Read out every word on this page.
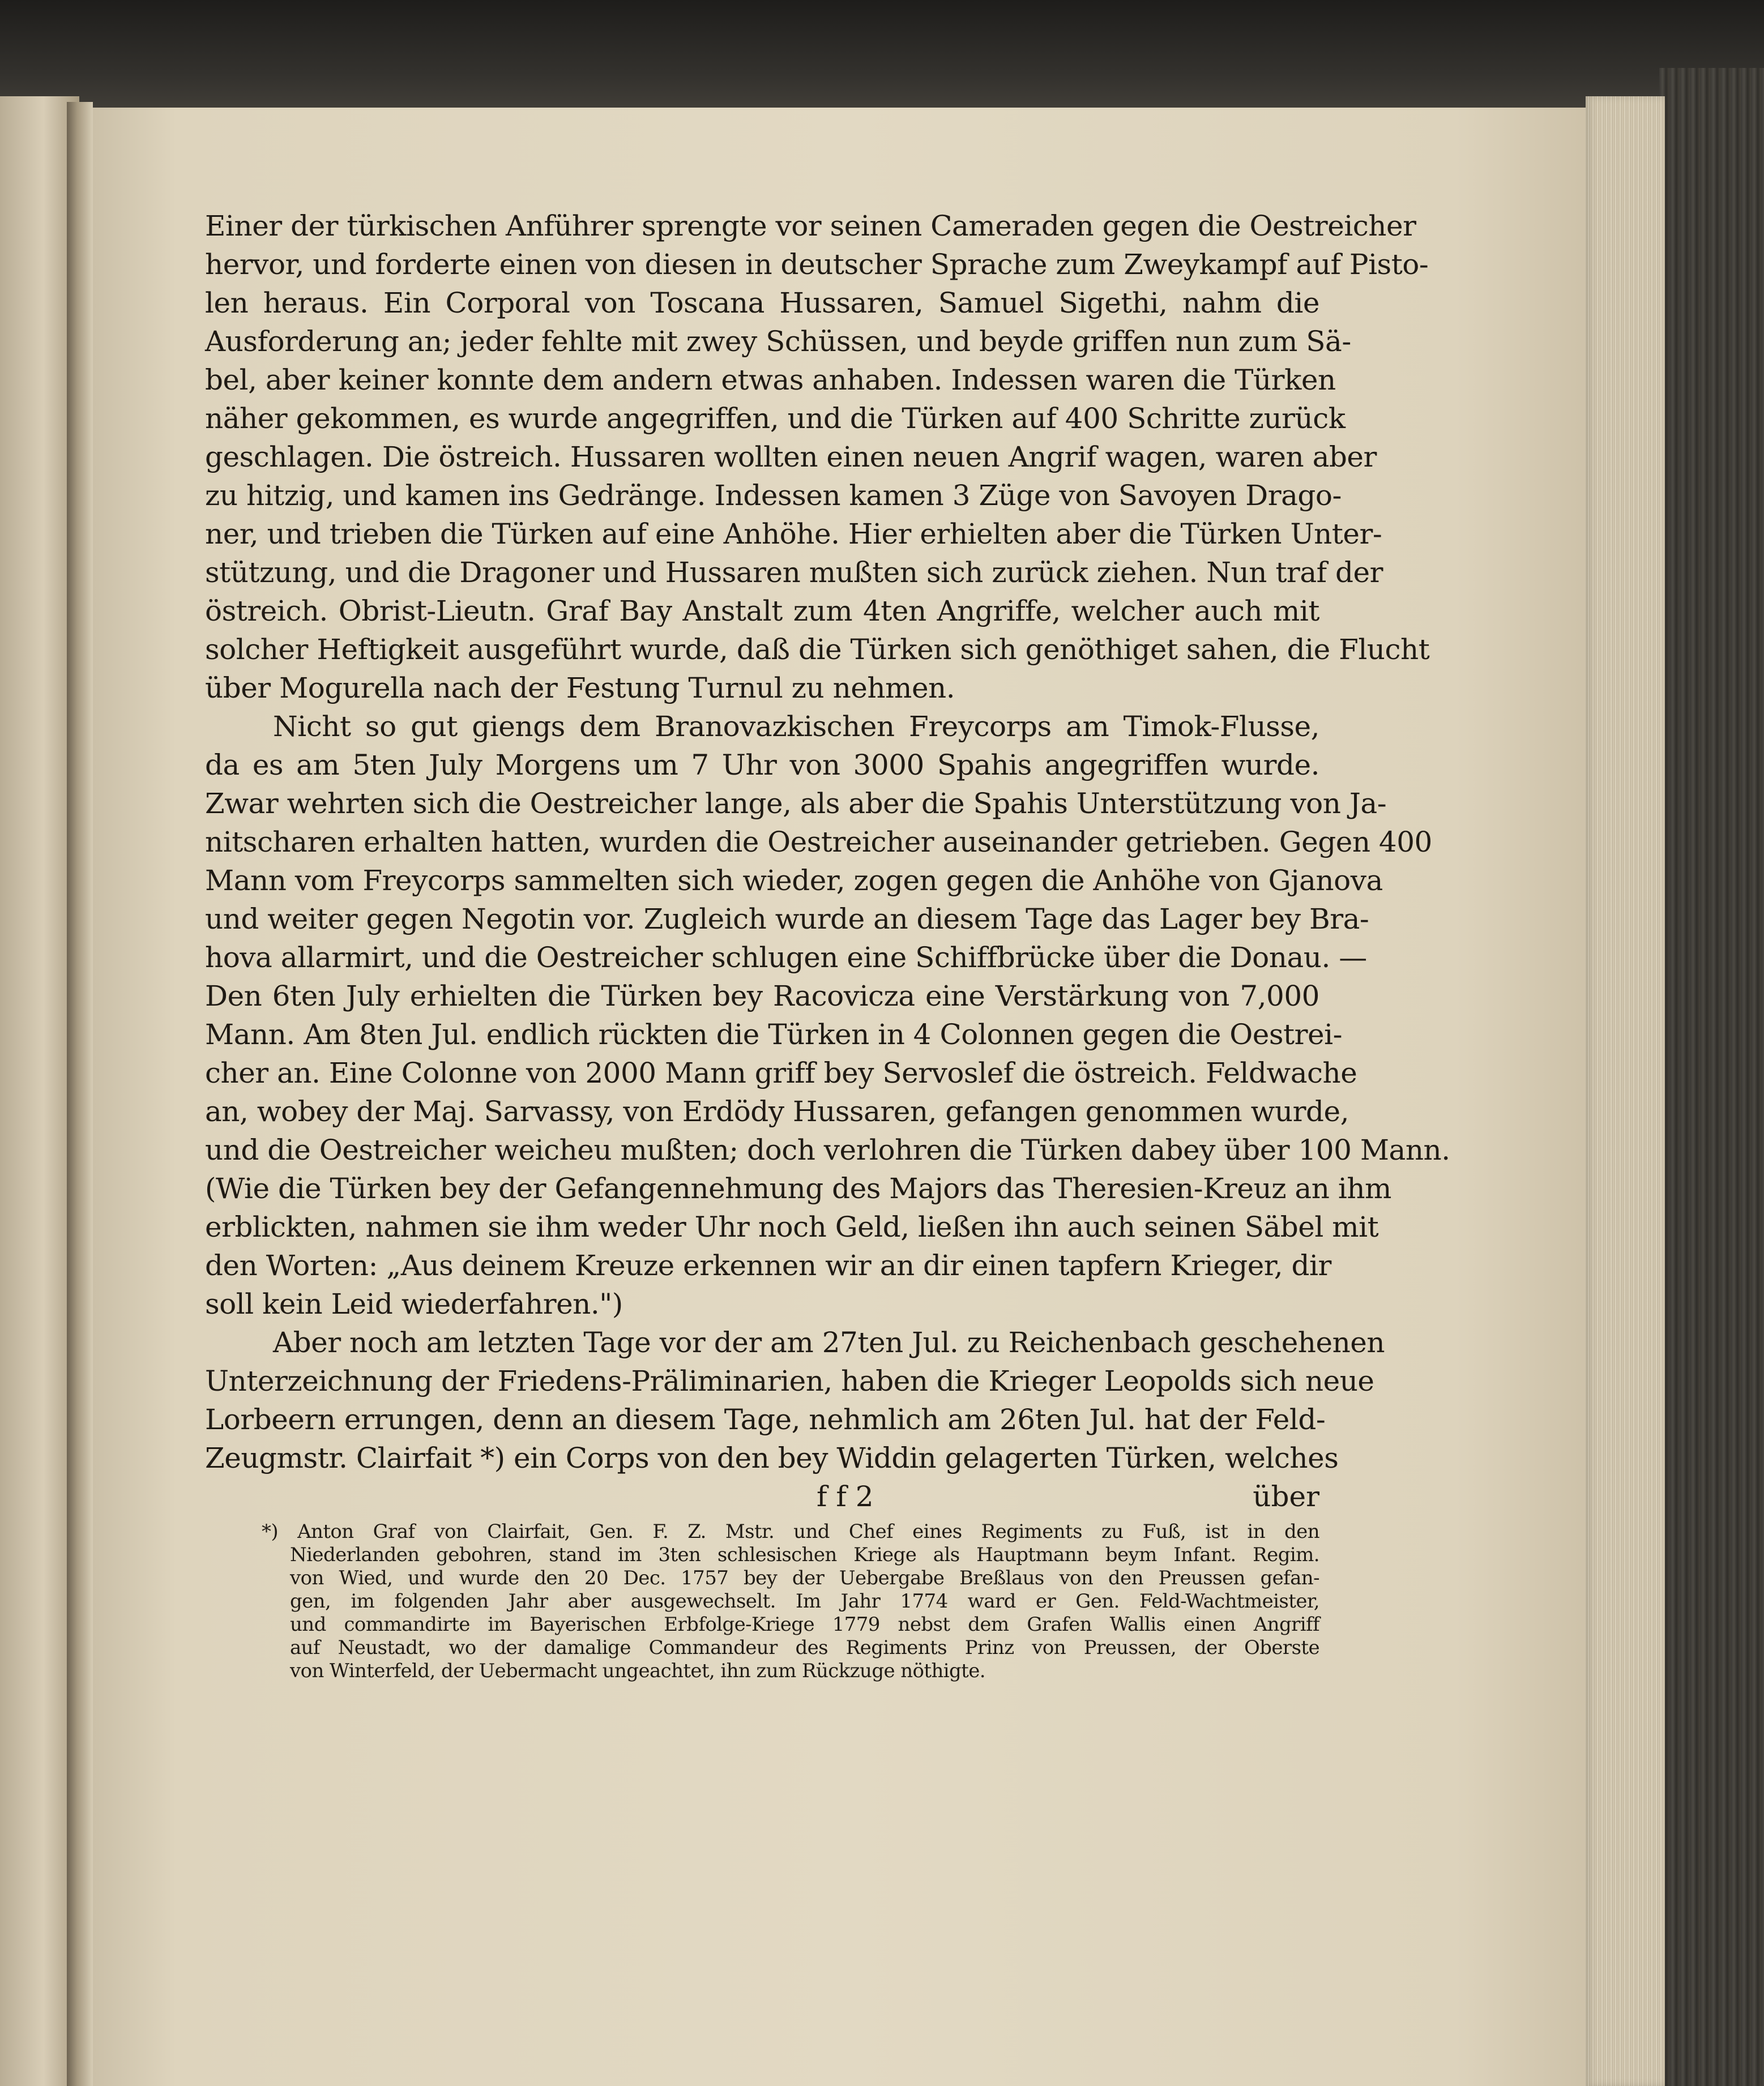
Einer der türkischen Anführer sprengte vor seinen Cameraden gegen die Oestreicher
hervor, und forderte einen von diesen in deutscher Sprache zum Zweykampf auf Pisto-
len heraus. Ein Corporal von Toscana Hussaren, Samuel Sigethi, nahm die
Ausforderung an; jeder fehlte mit zwey Schüssen, und beyde griffen nun zum Sä-
bel, aber keiner konnte dem andern etwas anhaben. Indessen waren die Türken
näher gekommen, es wurde angegriffen, und die Türken auf 400 Schritte zurück
geschlagen. Die östreich. Hussaren wollten einen neuen Angrif wagen, waren aber
zu hitzig, und kamen ins Gedränge. Indessen kamen 3 Züge von Savoyen Drago-
ner, und trieben die Türken auf eine Anhöhe. Hier erhielten aber die Türken Unter-
stützung, und die Dragoner und Hussaren mußten sich zurück ziehen. Nun traf der
östreich. Obrist-Lieutn. Graf Bay Anstalt zum 4ten Angriffe, welcher auch mit
solcher Heftigkeit ausgeführt wurde, daß die Türken sich genöthiget sahen, die Flucht
über Mogurella nach der Festung Turnul zu nehmen.
Nicht so gut giengs dem Branovazkischen Freycorps am Timok-Flusse,
da es am 5ten July Morgens um 7 Uhr von 3000 Spahis angegriffen wurde.
Zwar wehrten sich die Oestreicher lange, als aber die Spahis Unterstützung von Ja-
nitscharen erhalten hatten, wurden die Oestreicher auseinander getrieben. Gegen 400
Mann vom Freycorps sammelten sich wieder, zogen gegen die Anhöhe von Gjanova
und weiter gegen Negotin vor. Zugleich wurde an diesem Tage das Lager bey Bra-
hova allarmirt, und die Oestreicher schlugen eine Schiffbrücke über die Donau. —
Den 6ten July erhielten die Türken bey Racovicza eine Verstärkung von 7,000
Mann. Am 8ten Jul. endlich rückten die Türken in 4 Colonnen gegen die Oestrei-
cher an. Eine Colonne von 2000 Mann griff bey Servoslef die östreich. Feldwache
an, wobey der Maj. Sarvassy, von Erdödy Hussaren, gefangen genommen wurde,
und die Oestreicher weicheu mußten; doch verlohren die Türken dabey über 100 Mann.
(Wie die Türken bey der Gefangennehmung des Majors das Theresien-Kreuz an ihm
erblickten, nahmen sie ihm weder Uhr noch Geld, ließen ihn auch seinen Säbel mit
den Worten: „Aus deinem Kreuze erkennen wir an dir einen tapfern Krieger, dir
soll kein Leid wiederfahren.")
Aber noch am letzten Tage vor der am 27ten Jul. zu Reichenbach geschehenen
Unterzeichnung der Friedens-Präliminarien, haben die Krieger Leopolds sich neue
Lorbeern errungen, denn an diesem Tage, nehmlich am 26ten Jul. hat der Feld-
Zeugmstr. Clairfait *) ein Corps von den bey Widdin gelagerten Türken, welches
f f 2	über
*) Anton Graf von Clairfait, Gen. F. Z. Mstr. und Chef eines Regiments zu Fuß, ist in den
Niederlanden gebohren, stand im 3ten schlesischen Kriege als Hauptmann beym Infant. Regim.
von Wied, und wurde den 20 Dec. 1757 bey der Uebergabe Breßlaus von den Preussen gefan-
gen, im folgenden Jahr aber ausgewechselt. Im Jahr 1774 ward er Gen. Feld-Wachtmeister,
und commandirte im Bayerischen Erbfolge-Kriege 1779 nebst dem Grafen Wallis einen Angriff
auf Neustadt, wo der damalige Commandeur des Regiments Prinz von Preussen, der Oberste
von Winterfeld, der Uebermacht ungeachtet, ihn zum Rückzuge nöthigte.
